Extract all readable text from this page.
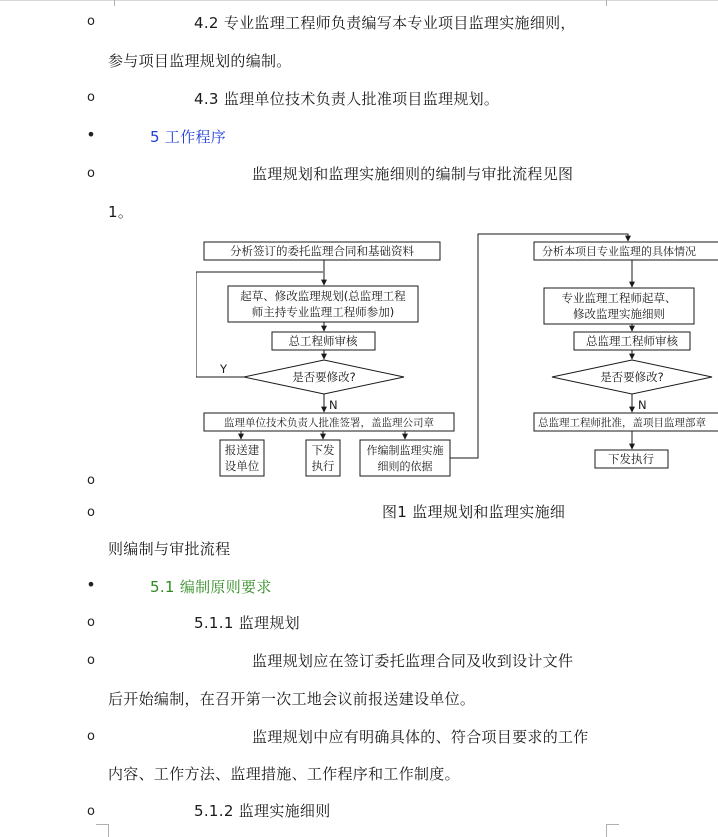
o	4.2 专业监理工程师负责编写本专业项目监理实施细则，
参与项目监理规划的编制。
o	4.3 监理单位技术负责人批准项目监理规划。
•	5 工作程序
o	监理规划和监理实施细则的编制与审批流程见图
1。
分析签订的委托监理合同和基础资料
起草、修改监理规划(总监理工程
师主持专业监理工程师参加)
总工程师审核
是否要修改?
Y
N
监理单位技术负责人批准签署，盖监理公司章
报送建
设单位
下发
执行
作编制监理实施
细则的依据
分析本项目专业监理的具体情况
专业监理工程师起草、
修改监理实施细则
总监理工程师审核
是否要修改?
N
总监理工程师批准，盖项目监理部章
下发执行
o
o	图1 监理规划和监理实施细
则编制与审批流程
•	5.1 编制原则要求
o	5.1.1 监理规划
o	监理规划应在签订委托监理合同及收到设计文件
后开始编制，在召开第一次工地会议前报送建设单位。
o	监理规划中应有明确具体的、符合项目要求的工作
内容、工作方法、监理措施、工作程序和工作制度。
o	5.1.2 监理实施细则
